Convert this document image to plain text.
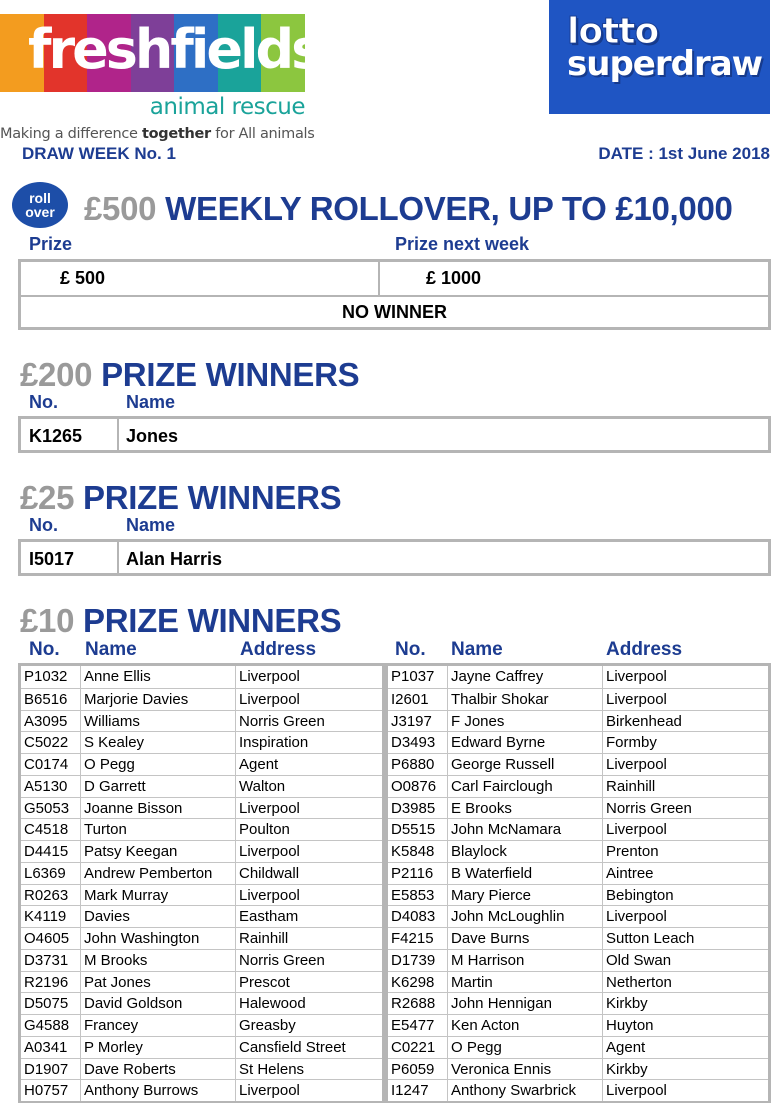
freshfields
animal rescue
Making a difference together for All animals
lotto
superdraw
DRAW WEEK No. 1	DATE : 1st June 2018
roll
over £500 WEEKLY ROLLOVER, UP TO £10,000
Prize	Prize next week
£ 500	£ 1000
NO WINNER
£200 PRIZE WINNERS
No.	Name
K1265 Jones
£25 PRIZE WINNERS
No.	Name
I5017	Alan Harris
£10 PRIZE WINNERS
No. Name	Address	No. Name	Address
P1032	Anne Ellis	Liverpool
B6516	Marjorie Davies	Liverpool
A3095	Williams	Norris Green
C5022	S Kealey	Inspiration
C0174	O Pegg	Agent
A5130	D Garrett	Walton
G5053 Joanne Bisson	Liverpool
C4518	Turton	Poulton
D4415	Patsy Keegan	Liverpool
L6369	Andrew Pemberton	Childwall
R0263	Mark Murray	Liverpool
K4119	Davies	Eastham
O4605 John Washington	Rainhill
D3731	M Brooks	Norris Green
R2196	Pat Jones	Prescot
D5075	David Goldson	Halewood
G4588 Francey	Greasby
A0341	P Morley	Cansfield Street
D1907	Dave Roberts	St Helens
H0757	Anthony Burrows	Liverpool
P1037	Jayne Caffrey	Liverpool
I2601	Thalbir Shokar	Liverpool
J3197	F Jones	Birkenhead
D3493	Edward Byrne	Formby
P6880	George Russell	Liverpool
O0876 Carl Fairclough	Rainhill
D3985	E Brooks	Norris Green
D5515	John McNamara	Liverpool
K5848	Blaylock	Prenton
P2116	B Waterfield	Aintree
E5853	Mary Pierce	Bebington
D4083	John McLoughlin	Liverpool
F4215	Dave Burns	Sutton Leach
D1739	M Harrison	Old Swan
K6298	Martin	Netherton
R2688	John Hennigan	Kirkby
E5477	Ken Acton	Huyton
C0221	O Pegg	Agent
P6059	Veronica Ennis	Kirkby
I1247	Anthony Swarbrick	Liverpool
